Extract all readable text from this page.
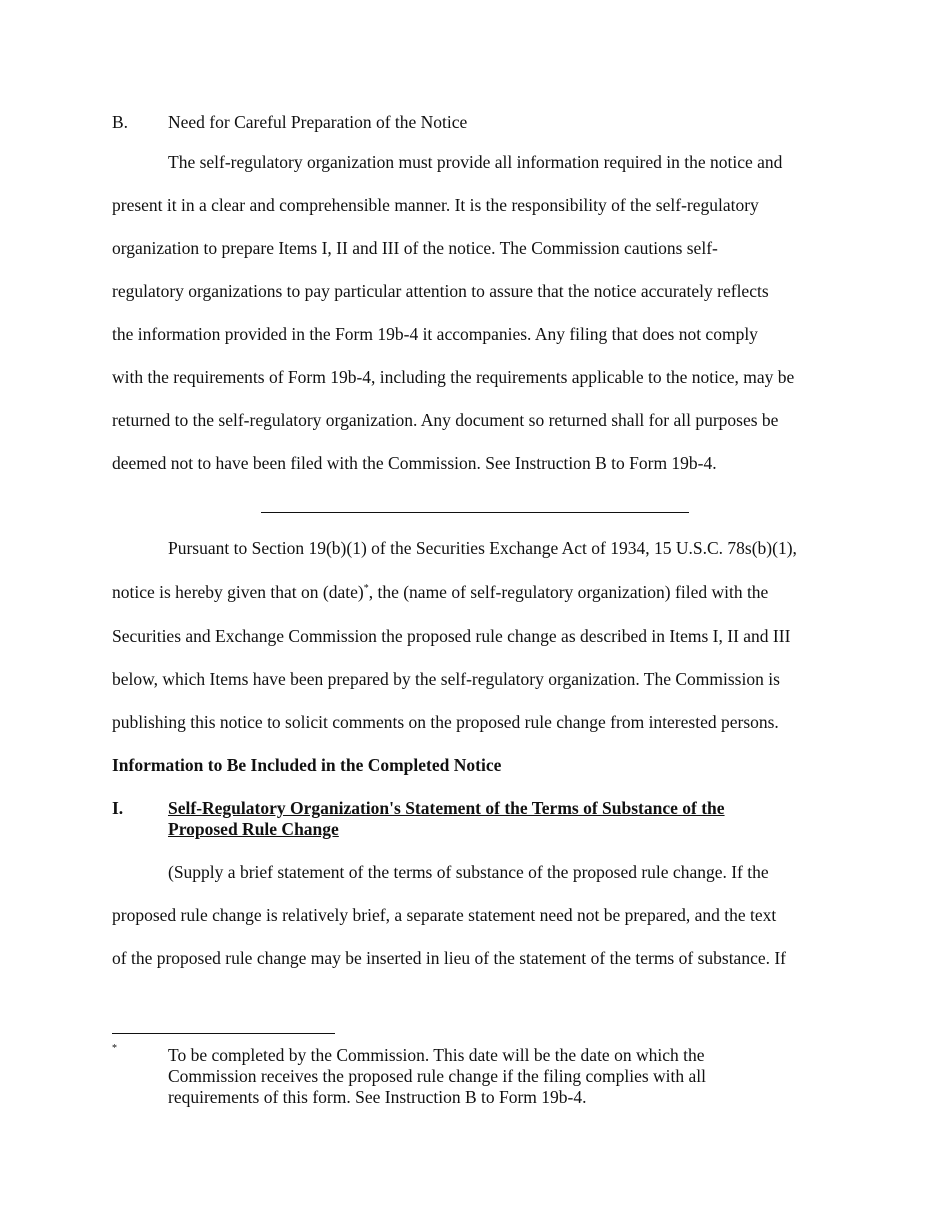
B. Need for Careful Preparation of the Notice
The self-regulatory organization must provide all information required in the notice and
present it in a clear and comprehensible manner. It is the responsibility of the self-regulatory
organization to prepare Items I, II and III of the notice. The Commission cautions self-
regulatory organizations to pay particular attention to assure that the notice accurately reflects
the information provided in the Form 19b-4 it accompanies. Any filing that does not comply
with the requirements of Form 19b-4, including the requirements applicable to the notice, may be
returned to the self-regulatory organization. Any document so returned shall for all purposes be
deemed not to have been filed with the Commission. See Instruction B to Form 19b-4.
Pursuant to Section 19(b)(1) of the Securities Exchange Act of 1934, 15 U.S.C. 78s(b)(1),
notice is hereby given that on (date)*, the (name of self-regulatory organization) filed with the
Securities and Exchange Commission the proposed rule change as described in Items I, II and III
below, which Items have been prepared by the self-regulatory organization. The Commission is
publishing this notice to solicit comments on the proposed rule change from interested persons.
Information to Be Included in the Completed Notice
I.	Self-Regulatory Organization's Statement of the Terms of Substance of the
Proposed Rule Change
(Supply a brief statement of the terms of substance of the proposed rule change. If the
proposed rule change is relatively brief, a separate statement need not be prepared, and the text
of the proposed rule change may be inserted in lieu of the statement of the terms of substance. If
*	To be completed by the Commission. This date will be the date on which the
Commission receives the proposed rule change if the filing complies with all
requirements of this form. See Instruction B to Form 19b-4.
